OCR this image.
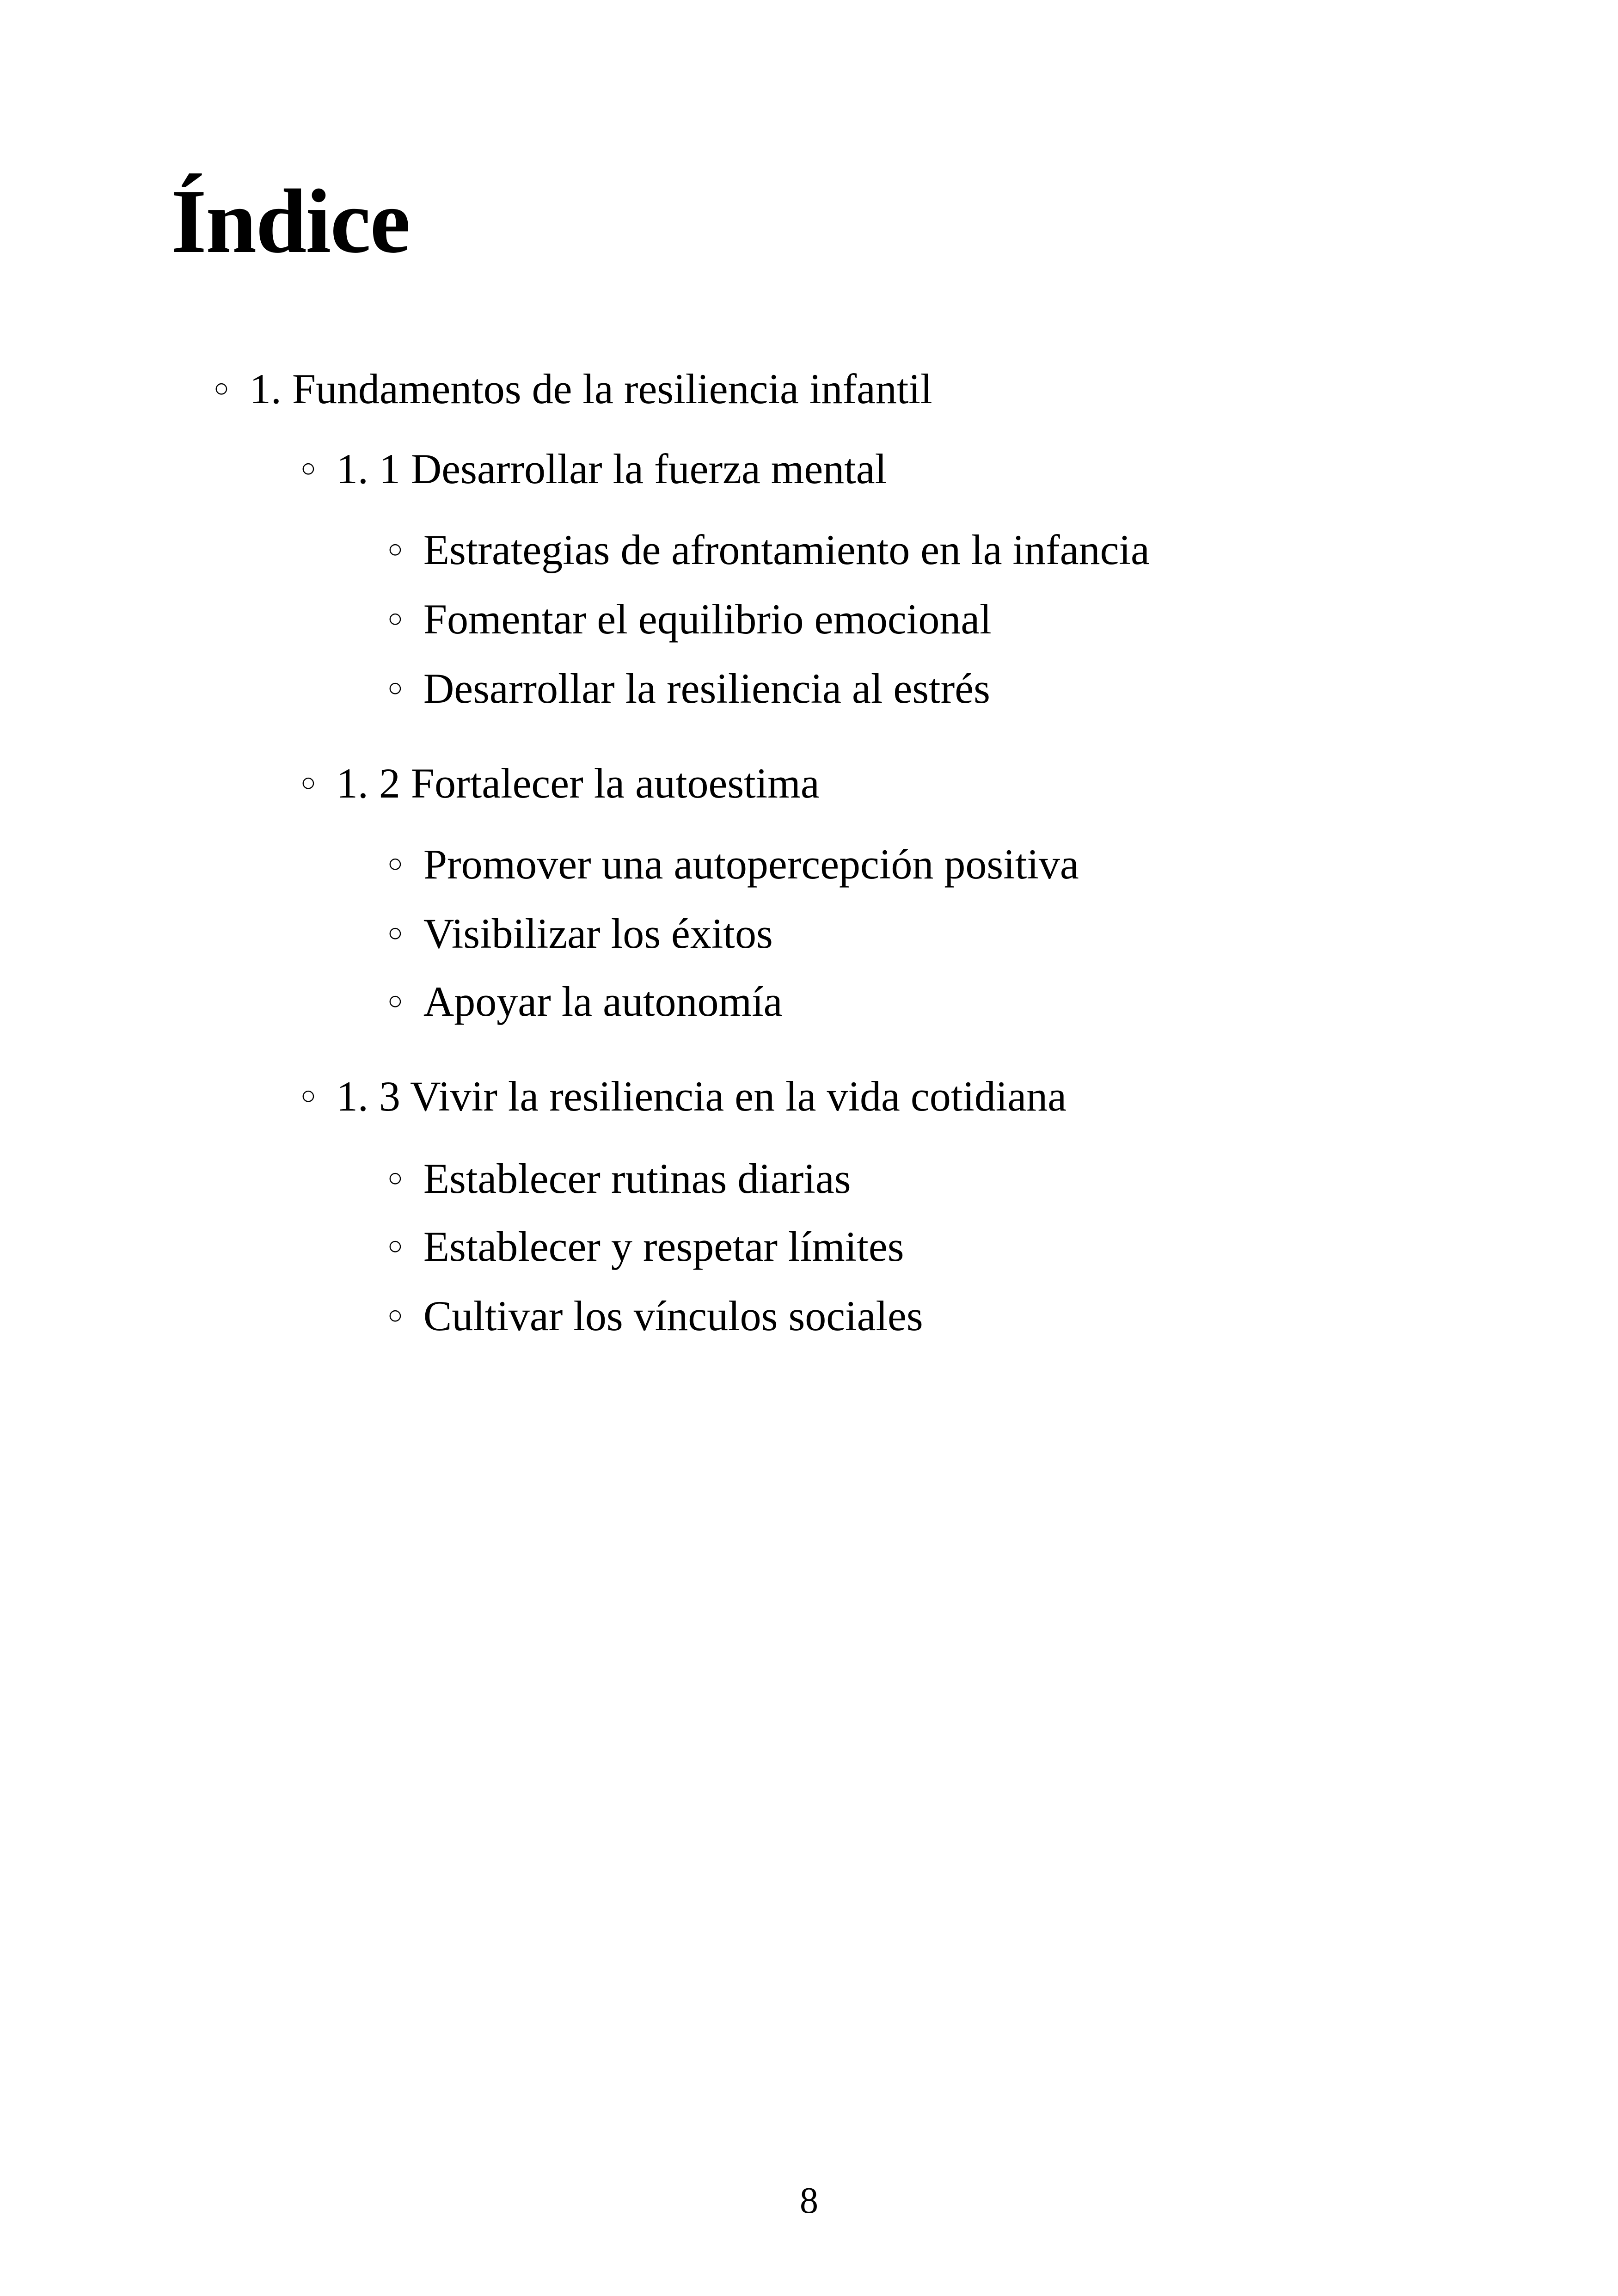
Índice
○ 1. Fundamentos de la resiliencia infantil
○ 1. 1 Desarrollar la fuerza mental
○ Estrategias de afrontamiento en la infancia
○ Fomentar el equilibrio emocional
○ Desarrollar la resiliencia al estrés
○ 1. 2 Fortalecer la autoestima
○ Promover una autopercepción positiva
○ Visibilizar los éxitos
○ Apoyar la autonomía
○ 1. 3 Vivir la resiliencia en la vida cotidiana
○ Establecer rutinas diarias
○ Establecer y respetar límites
○ Cultivar los vínculos sociales
8
